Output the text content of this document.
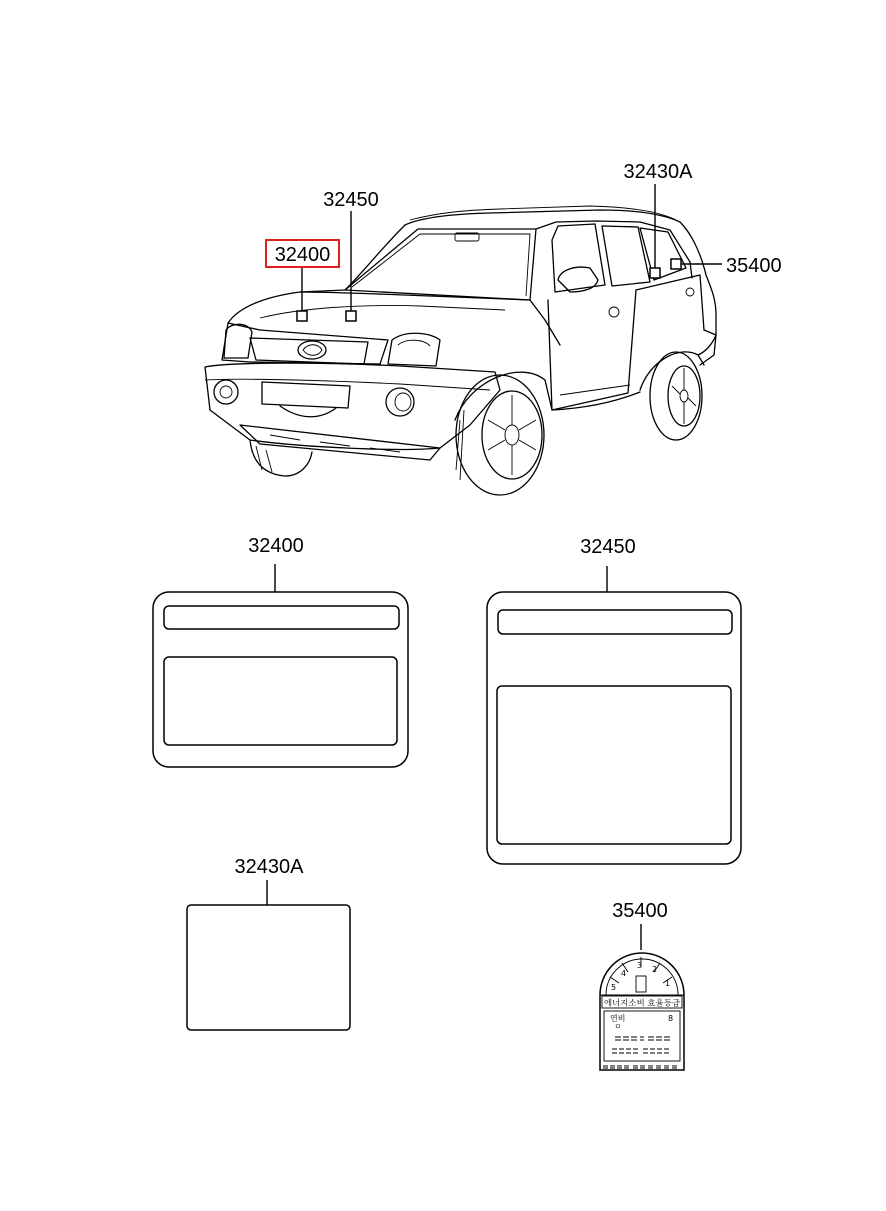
32400
32450
32430A
35400
32400	32450
32430A
35400
5
4
3 2
1
에너지소비 효율등급
연비	8
ㅇ
